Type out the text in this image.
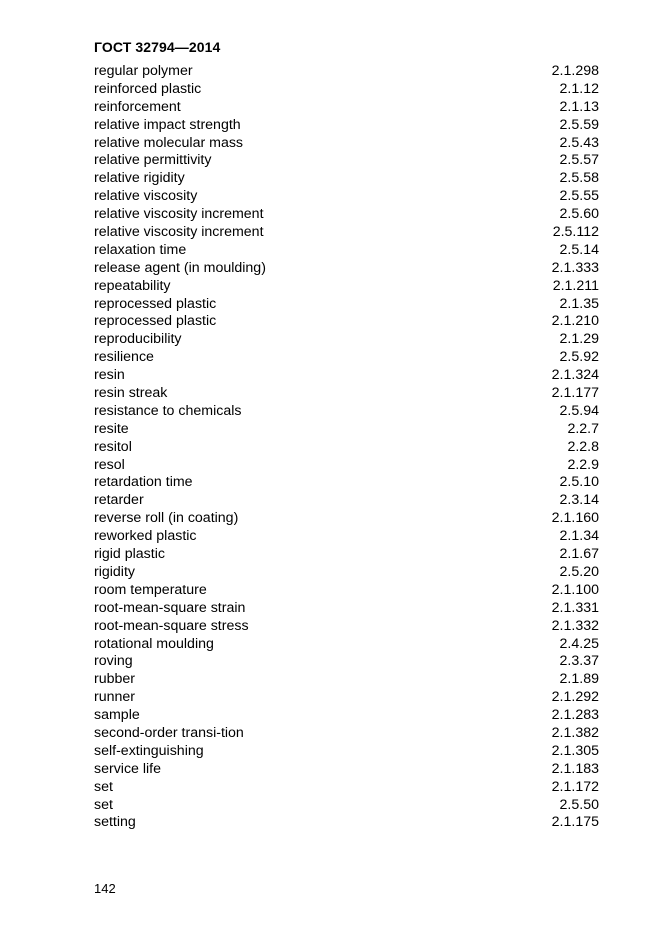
ГОСТ 32794—2014
regular polymer	2.1.298
reinforced plastic	2.1.12
reinforcement	2.1.13
relative impact strength	2.5.59
relative molecular mass	2.5.43
relative permittivity	2.5.57
relative rigidity	2.5.58
relative viscosity	2.5.55
relative viscosity increment	2.5.60
relative viscosity increment	2.5.112
relaxation time	2.5.14
release agent (in moulding)	2.1.333
repeatability	2.1.211
reprocessed plastic	2.1.35
reprocessed plastic	2.1.210
reproducibility	2.1.29
resilience	2.5.92
resin	2.1.324
resin streak	2.1.177
resistance to chemicals	2.5.94
resite	2.2.7
resitol	2.2.8
resol	2.2.9
retardation time	2.5.10
retarder	2.3.14
reverse roll (in coating)	2.1.160
reworked plastic	2.1.34
rigid plastic	2.1.67
rigidity	2.5.20
room temperature	2.1.100
root-mean-square strain	2.1.331
root-mean-square stress	2.1.332
rotational moulding	2.4.25
roving	2.3.37
rubber	2.1.89
runner	2.1.292
sample	2.1.283
second-order transi-tion	2.1.382
self-extinguishing	2.1.305
service life	2.1.183
set	2.1.172
set	2.5.50
setting	2.1.175
142
